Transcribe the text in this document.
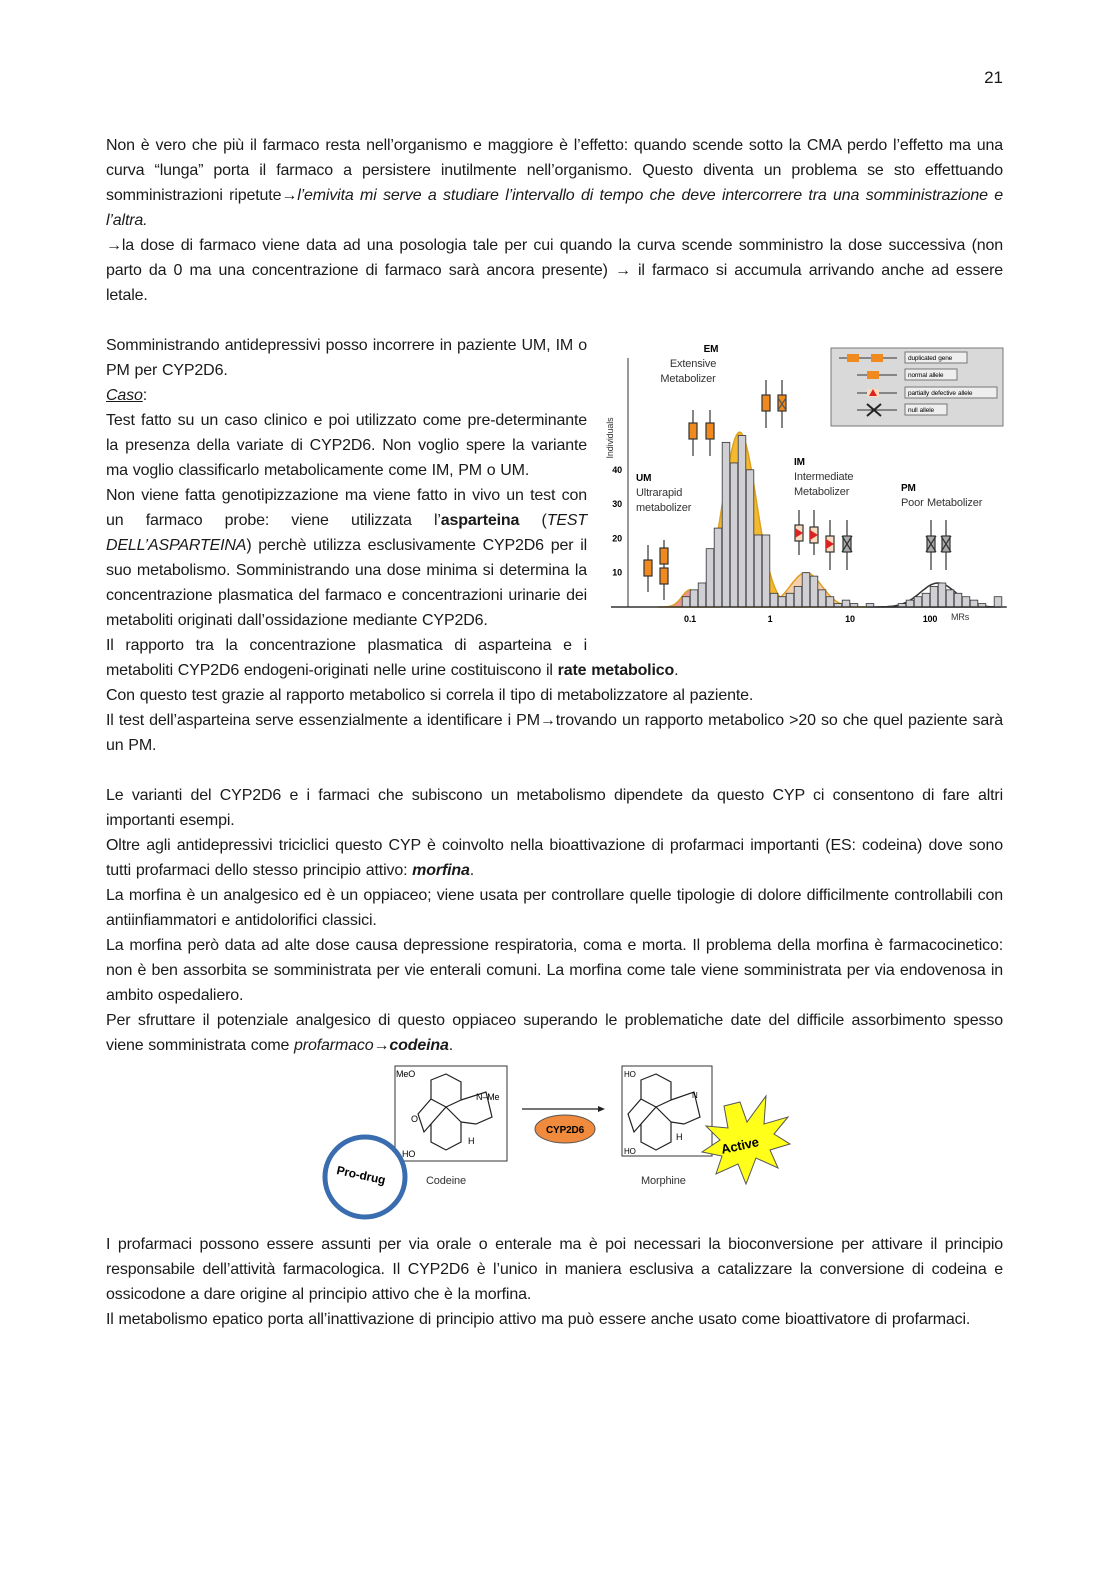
21

Non è vero che più il farmaco resta nell’organismo e maggiore è l’effetto: quando scende sotto la CMA perdo l’effetto ma una curva “lunga” porta il farmaco a persistere inutilmente nell’organismo. Questo diventa un problema se sto effettuando somministrazioni ripetute→l’emivita mi serve a studiare l’intervallo di tempo che deve intercorrere tra una somministrazione e l’altra.

→la dose di farmaco viene data ad una posologia tale per cui quando la curva scende somministro la dose successiva (non parto da 0 ma una concentrazione di farmaco sarà ancora presente) → il farmaco si accumula arrivando anche ad essere letale.

0.1	1	10	100
10
20
30
40
Individuals
MRs
EM
Extensive
Metabolizer
UM
Ultrarapid
metabolizer
IM
Intermediate
Metabolizer	PM
Poor Metabolizer
duplicated gene
normal allele
partially defective allele
null allele

Somministrando antidepressivi posso incorrere in paziente UM, IM o PM per CYP2D6.

Caso:

Test fatto su un caso clinico e poi utilizzato come pre-determinante la presenza della variate di CYP2D6. Non voglio spere la variante ma voglio classificarlo metabolicamente come IM, PM o UM.

Non viene fatta genotipizzazione ma viene fatto in vivo un test con un farmaco probe: viene utilizzata l’asparteina (TEST DELL’ASPARTEINA) perchè utilizza esclusivamente CYP2D6 per il suo metabolismo. Somministrando una dose minima si determina la concentrazione plasmatica del farmaco e concentrazioni urinarie dei metaboliti originati dall’ossidazione mediante CYP2D6.

Il rapporto tra la concentrazione plasmatica di asparteina e i metaboliti CYP2D6 endogeni-originati nelle urine costituiscono il rate metabolico.

Con questo test grazie al rapporto metabolico si correla il tipo di metabolizzatore al paziente.

Il test dell’asparteina serve essenzialmente a identificare i PM→trovando un rapporto metabolico >20 so che quel paziente sarà un PM.

Le varianti del CYP2D6 e i farmaci che subiscono un metabolismo dipendete da questo CYP ci consentono di fare altri importanti esempi.

Oltre agli antidepressivi triciclici questo CYP è coinvolto nella bioattivazione di profarmaci importanti (ES: codeina) dove sono tutti profarmaci dello stesso principio attivo: morfina.

La morfina è un analgesico ed è un oppiaceo; viene usata per controllare quelle tipologie di dolore difficilmente controllabili con antiinfiammatori e antidolorifici classici.

La morfina però data ad alte dose causa depressione respiratoria, coma e morta. Il problema della morfina è farmacocinetico: non è ben assorbita se somministrata per vie enterali comuni. La morfina come tale viene somministrata per via endovenosa in ambito ospedaliero.

Per sfruttare il potenziale analgesico di questo oppiaceo superando le problematiche date del difficile assorbimento spesso viene somministrata come profarmaco→codeina.

MeO
N–Me
O
H
HO
Codeine
Pro-drug
CYP2D6
HO
N
H
HO
Morphine
Active

I profarmaci possono essere assunti per via orale o enterale ma è poi necessari la bioconversione per attivare il principio responsabile dell’attività farmacologica. Il CYP2D6 è l’unico in maniera esclusiva a catalizzare la conversione di codeina e ossicodone a dare origine al principio attivo che è la morfina.

Il metabolismo epatico porta all’inattivazione di principio attivo ma può essere anche usato come bioattivatore di profarmaci.
